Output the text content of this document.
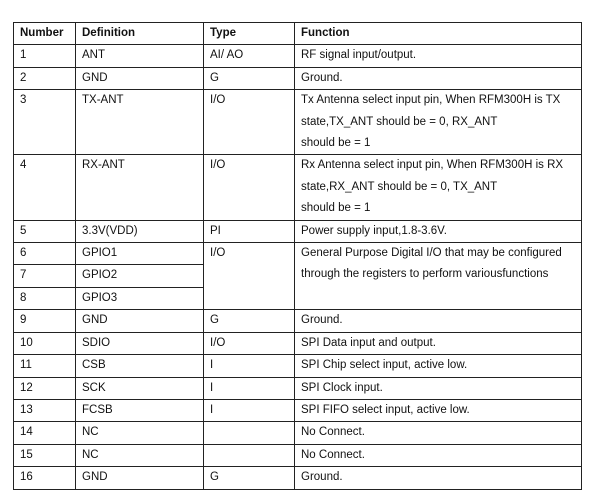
Number	Definition	Type	Function
1	ANT	AI/ AO	RF signal input/output.
2	GND	G	Ground.
3	TX-ANT	I/O	Tx Antenna select input pin, When RFM300H is TX
state,TX_ANT should be = 0, RX_ANT
should be = 1
4	RX-ANT	I/O	Rx Antenna select input pin, When RFM300H is RX
state,RX_ANT should be = 0, TX_ANT
should be = 1
5	3.3V(VDD)	PI	Power supply input,1.8-3.6V.
6	GPIO1	I/O	General Purpose Digital I/O that may be configured
through the registers to perform variousfunctions
7	GPIO2		
8	GPIO3		
9	GND	G	Ground.
10	SDIO	I/O	SPI Data input and output.
11	CSB	I	SPI Chip select input, active low.
12	SCK	I	SPI Clock input.
13	FCSB	I	SPI FIFO select input, active low.
14	NC		No Connect.
15	NC		No Connect.
16	GND	G	Ground.
